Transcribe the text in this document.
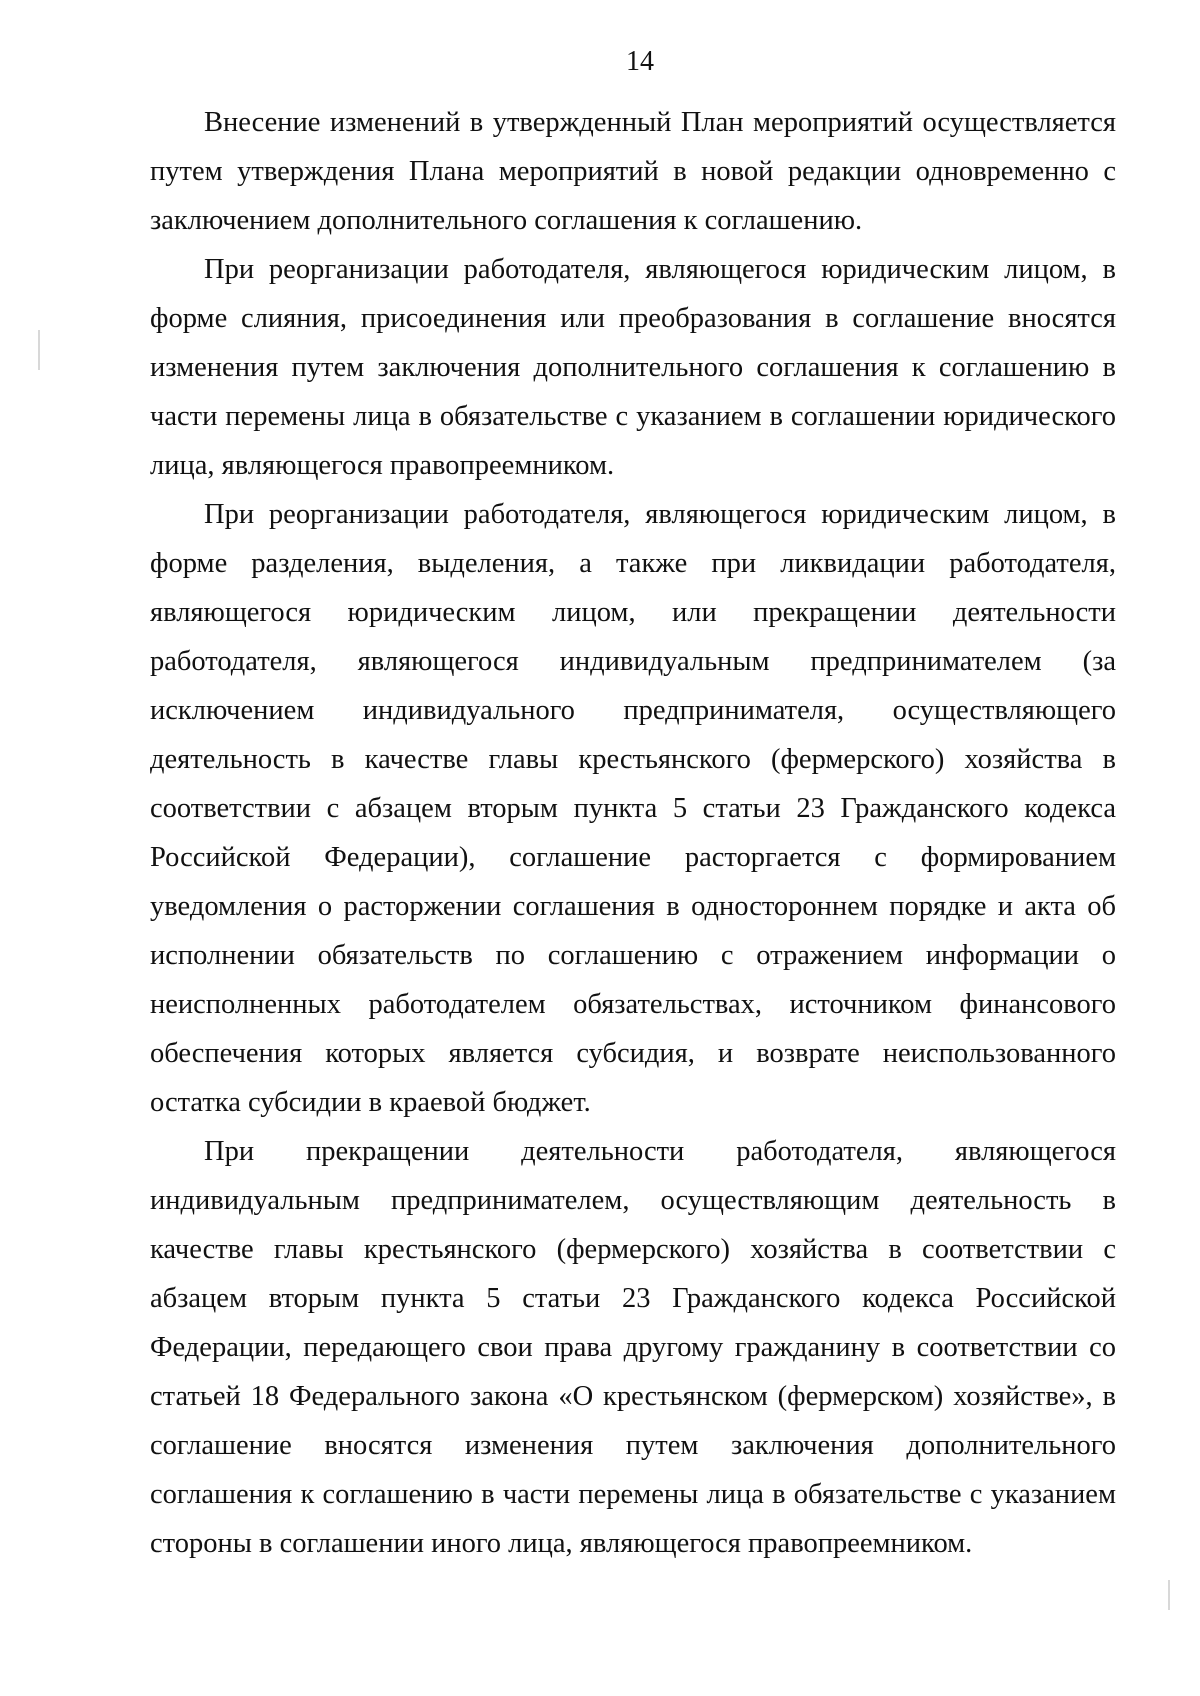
14

Внесение изменений в утвержденный План мероприятий осуществляется путем утверждения Плана мероприятий в новой редакции одновременно с заключением дополнительного соглашения к соглашению.

При реорганизации работодателя, являющегося юридическим лицом, в форме слияния, присоединения или преобразования в соглашение вносятся изменения путем заключения дополнительного соглашения к соглашению в части перемены лица в обязательстве с указанием в соглашении юридического лица, являющегося правопреемником.

При реорганизации работодателя, являющегося юридическим лицом, в форме разделения, выделения, а также при ликвидации работодателя, являющегося юридическим лицом, или прекращении деятельности работодателя, являющегося индивидуальным предпринимателем (за исключением индивидуального предпринимателя, осуществляющего деятельность в качестве главы крестьянского (фермерского) хозяйства в соответствии с абзацем вторым пункта 5 статьи 23 Гражданского кодекса Российской Федерации), соглашение расторгается с формированием уведомления о расторжении соглашения в одностороннем порядке и акта об исполнении обязательств по соглашению с отражением информации о неисполненных работодателем обязательствах, источником финансового обеспечения которых является субсидия, и возврате неиспользованного остатка субсидии в краевой бюджет.

При прекращении деятельности работодателя, являющегося индивидуальным предпринимателем, осуществляющим деятельность в качестве главы крестьянского (фермерского) хозяйства в соответствии с абзацем вторым пункта 5 статьи 23 Гражданского кодекса Российской Федерации, передающего свои права другому гражданину в соответствии со статьей 18 Федерального закона «О крестьянском (фермерском) хозяйстве», в соглашение вносятся изменения путем заключения дополнительного соглашения к соглашению в части перемены лица в обязательстве с указанием стороны в соглашении иного лица, являющегося правопреемником.
